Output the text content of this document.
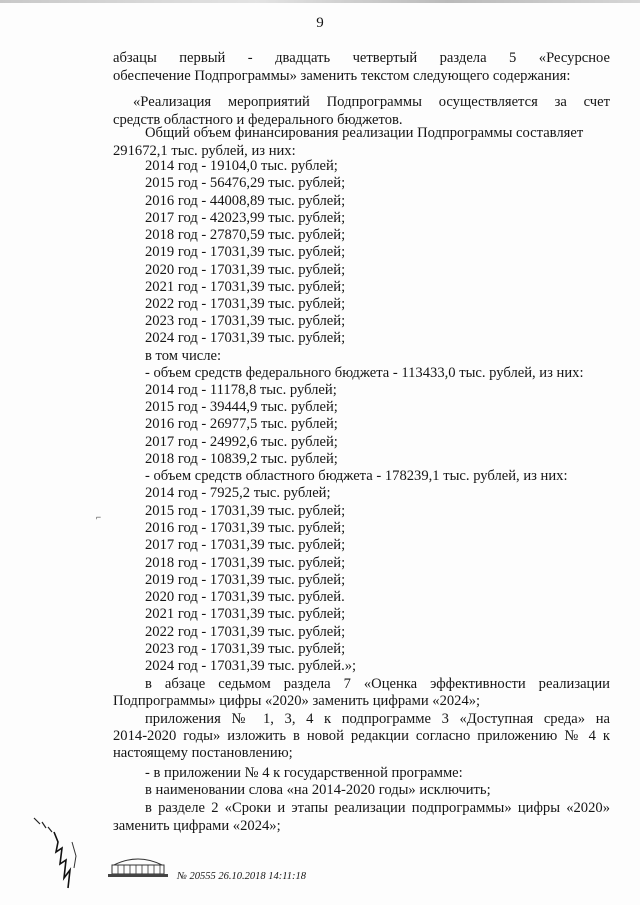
9
абзацы первый - двадцать четвертый раздела 5 «Ресурсное
обеспечение Подпрограммы» заменить текстом следующего содержания:
«Реализация мероприятий Подпрограммы осуществляется за счет
средств областного и федерального бюджетов.
Общий объем финансирования реализации Подпрограммы составляет
291672,1 тыс. рублей, из них:
2014 год - 19104,0 тыс. рублей;
2015 год - 56476,29 тыс. рублей;
2016 год - 44008,89 тыс. рублей;
2017 год - 42023,99 тыс. рублей;
2018 год - 27870,59 тыс. рублей;
2019 год - 17031,39 тыс. рублей;
2020 год - 17031,39 тыс. рублей;
2021 год - 17031,39 тыс. рублей;
2022 год - 17031,39 тыс. рублей;
2023 год - 17031,39 тыс. рублей;
2024 год - 17031,39 тыс. рублей;
в том числе:
- объем средств федерального бюджета - 113433,0 тыс. рублей, из них:
2014 год - 11178,8 тыс. рублей;
2015 год - 39444,9 тыс. рублей;
2016 год - 26977,5 тыс. рублей;
2017 год - 24992,6 тыс. рублей;
2018 год - 10839,2 тыс. рублей;
- объем средств областного бюджета - 178239,1 тыс. рублей, из них:
2014 год - 7925,2 тыс. рублей;
2015 год - 17031,39 тыс. рублей;
2016 год - 17031,39 тыс. рублей;
2017 год - 17031,39 тыс. рублей;
2018 год - 17031,39 тыс. рублей;
2019 год - 17031,39 тыс. рублей;
2020 год - 17031,39 тыс. рублей.
2021 год - 17031,39 тыс. рублей;
2022 год - 17031,39 тыс. рублей;
2023 год - 17031,39 тыс. рублей;
2024 год - 17031,39 тыс. рублей.»;
в абзаце седьмом раздела 7 «Оценка эффективности реализации
Подпрограммы» цифры «2020» заменить цифрами «2024»;
приложения № 1, 3, 4 к подпрограмме 3 «Доступная среда» на
2014-2020 годы» изложить в новой редакции согласно приложению № 4 к
настоящему постановлению;
- в приложении № 4 к государственной программе:
в наименовании слова «на 2014-2020 годы» исключить;
в разделе 2 «Сроки и этапы реализации подпрограммы» цифры «2020»
заменить цифрами «2024»;
⌐
№ 20555 26.10.2018 14:11:18
